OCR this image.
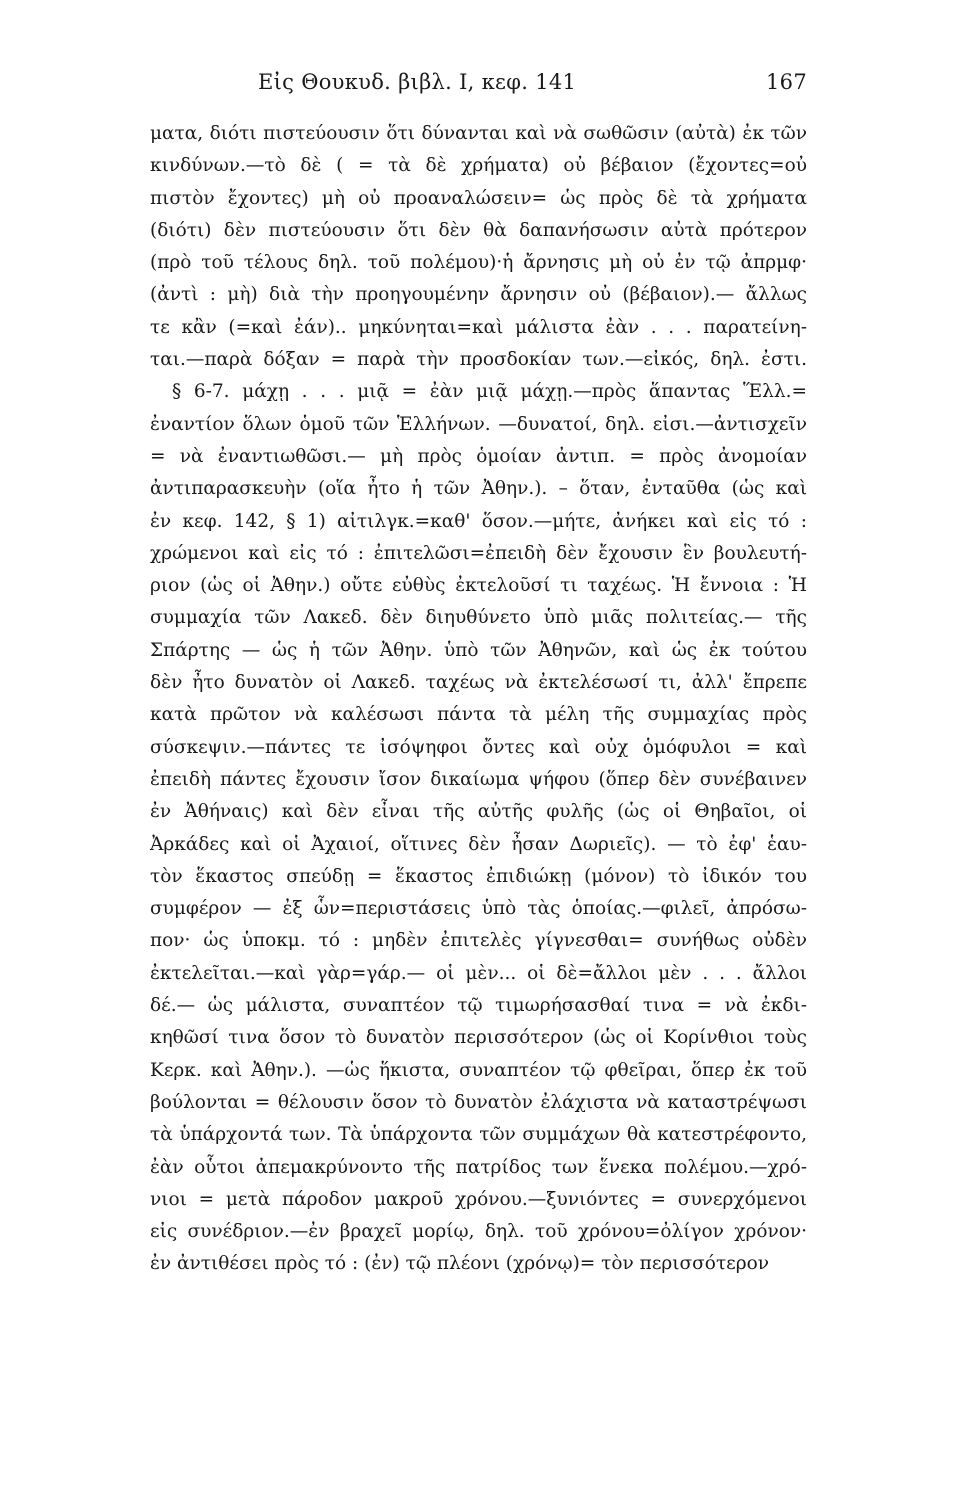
Εἰς Θουκυδ. βιβλ. Ι, κεφ. 141	167
ματα, διότι πιστεύουσιν ὅτι δύνανται καὶ νὰ σωθῶσιν (αὐτὰ) ἐκ τῶν
κινδύνων.—τὸ δὲ ( = τὰ δὲ χρήματα) οὐ βέβαιον (ἔχοντες=οὐ
πιστὸν ἔχοντες) μὴ οὐ προαναλώσειν= ὡς πρὸς δὲ τὰ χρήματα
(διότι) δὲν πιστεύουσιν ὅτι δὲν θὰ δαπανήσωσιν αὐτὰ πρότερον
(πρὸ τοῦ τέλους δηλ. τοῦ πολέμου)·ἡ ἄρνησις μὴ οὐ ἐν τῷ ἀπρμφ·
(ἀντὶ : μὴ) διὰ τὴν προηγουμένην ἄρνησιν οὐ (βέβαιον).— ἄλλως
τε κἂν (=καὶ ἐάν).. μηκύνηται=καὶ μάλιστα ἐὰν . . . παρατείνη-
ται.—παρὰ δόξαν = παρὰ τὴν προσδοκίαν των.—εἰκός, δηλ. ἐστι.
§ 6-7. μάχῃ . . . μιᾷ = ἐὰν μιᾷ μάχῃ.—πρὸς ἅπαντας Ἕλλ.=
ἐναντίον ὅλων ὁμοῦ τῶν Ἑλλήνων. —δυνατοί, δηλ. εἰσι.—ἀντισχεῖν
= νὰ ἐναντιωθῶσι.— μὴ πρὸς ὁμοίαν ἀντιπ. = πρὸς ἀνομοίαν
ἀντιπαρασκευὴν (οἵα ἦτο ἡ τῶν Ἀθην.). – ὅταν, ἐνταῦθα (ὡς καὶ
ἐν κεφ. 142, § 1) αἰτιλγκ.=καθ' ὅσον.—μήτε, ἀνήκει καὶ εἰς τό :
χρώμενοι καὶ εἰς τό : ἐπιτελῶσι=ἐπειδὴ δὲν ἔχουσιν ἓν βουλευτή-
ριον (ὡς οἱ Ἀθην.) οὔτε εὐθὺς ἐκτελοῦσί τι ταχέως. Ἡ ἔννοια : Ἡ
συμμαχία τῶν Λακεδ. δὲν διηυθύνετο ὑπὸ μιᾶς πολιτείας.— τῆς
Σπάρτης — ὡς ἡ τῶν Ἀθην. ὑπὸ τῶν Ἀθηνῶν, καὶ ὡς ἐκ τούτου
δὲν ἦτο δυνατὸν οἱ Λακεδ. ταχέως νὰ ἐκτελέσωσί τι, ἀλλ' ἔπρεπε
κατὰ πρῶτον νὰ καλέσωσι πάντα τὰ μέλη τῆς συμμαχίας πρὸς
σύσκεψιν.—πάντες τε ἰσόψηφοι ὄντες καὶ οὐχ ὁμόφυλοι = καὶ
ἐπειδὴ πάντες ἔχουσιν ἴσον δικαίωμα ψήφου (ὅπερ δὲν συνέβαινεν
ἐν Ἀθήναις) καὶ δὲν εἶναι τῆς αὐτῆς φυλῆς (ὡς οἱ Θηβαῖοι, οἱ
Ἀρκάδες καὶ οἱ Ἀχαιοί, οἵτινες δὲν ἦσαν Δωριεῖς). — τὸ ἐφ' ἑαυ-
τὸν ἕκαστος σπεύδῃ = ἕκαστος ἐπιδιώκῃ (μόνον) τὸ ἰδικόν του
συμφέρον — ἐξ ὧν=περιστάσεις ὑπὸ τὰς ὁποίας.—φιλεῖ, ἀπρόσω-
πον· ὡς ὑποκμ. τό : μηδὲν ἐπιτελὲς γίγνεσθαι= συνήθως οὐδὲν
ἐκτελεῖται.—καὶ γὰρ=γάρ.— οἱ μὲν... οἱ δὲ=ἄλλοι μὲν . . . ἄλλοι
δέ.— ὡς μάλιστα, συναπτέον τῷ τιμωρήσασθαί τινα = νὰ ἐκδι-
κηθῶσί τινα ὅσον τὸ δυνατὸν περισσότερον (ὡς οἱ Κορίνθιοι τοὺς
Κερκ. καὶ Ἀθην.). —ὡς ἥκιστα, συναπτέον τῷ φθεῖραι, ὅπερ ἐκ τοῦ
βούλονται = θέλουσιν ὅσον τὸ δυνατὸν ἐλάχιστα νὰ καταστρέψωσι
τὰ ὑπάρχοντά των. Τὰ ὑπάρχοντα τῶν συμμάχων θὰ κατεστρέφοντο,
ἐὰν οὗτοι ἀπεμακρύνοντο τῆς πατρίδος των ἕνεκα πολέμου.—χρό-
νιοι = μετὰ πάροδον μακροῦ χρόνου.—ξυνιόντες = συνερχόμενοι
εἰς συνέδριον.—ἐν βραχεῖ μορίῳ, δηλ. τοῦ χρόνου=ὀλίγον χρόνον·
ἐν ἀντιθέσει πρὸς τό : (ἐν) τῷ πλέονι (χρόνῳ)= τὸν περισσότερον
